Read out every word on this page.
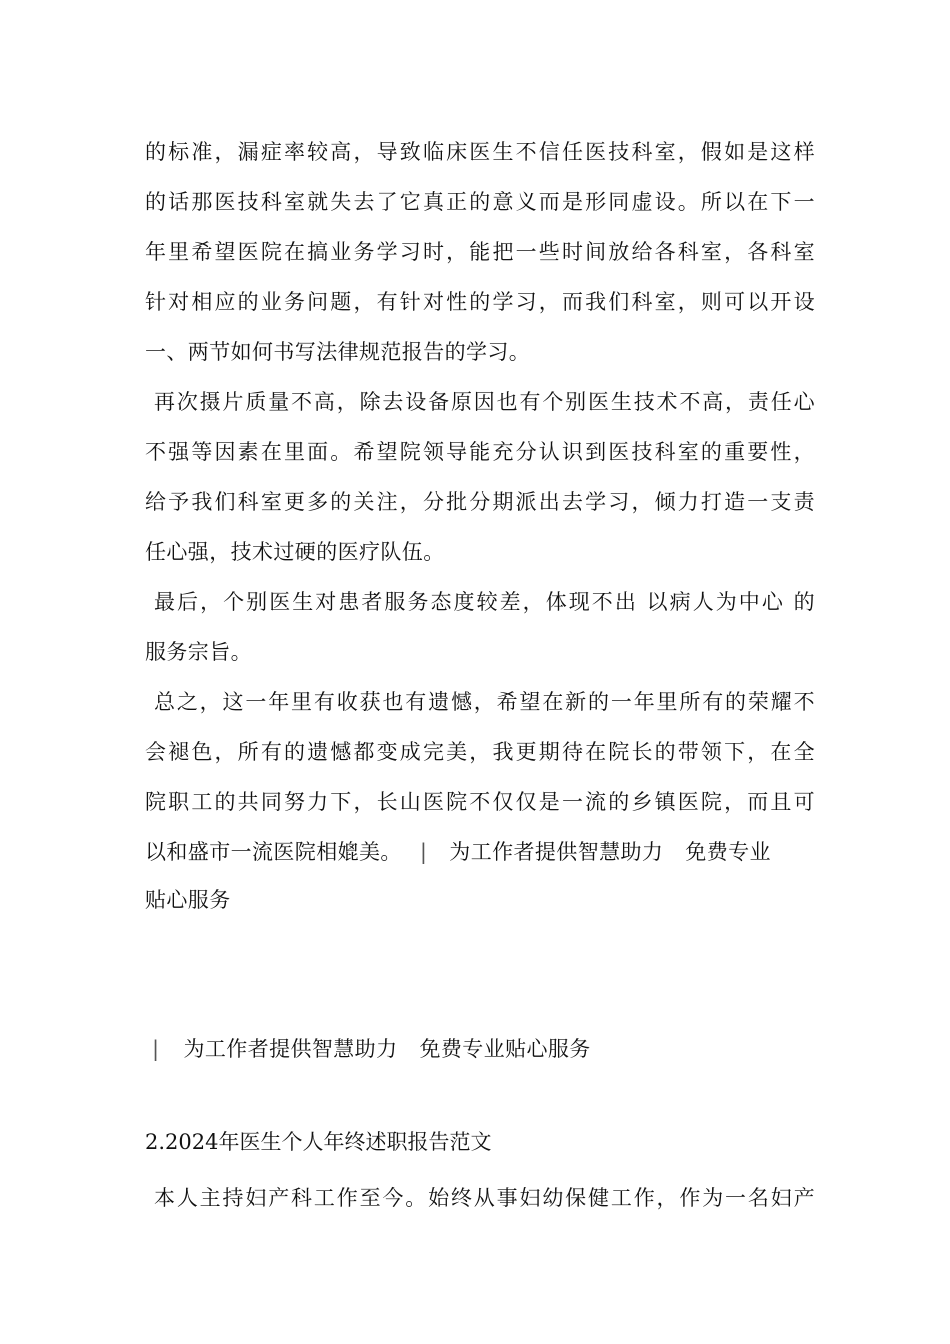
的标准，漏症率较高，导致临床医生不信任医技科室，假如是这样
的话那医技科室就失去了它真正的意义而是形同虚设。所以在下一
年里希望医院在搞业务学习时，能把一些时间放给各科室，各科室
针对相应的业务问题，有针对性的学习，而我们科室，则可以开设
一、两节如何书写法律规范报告的学习。
再次摄片质量不高，除去设备原因也有个别医生技术不高，责任心
不强等因素在里面。希望院领导能充分认识到医技科室的重要性，
给予我们科室更多的关注，分批分期派出去学习，倾力打造一支责
任心强，技术过硬的医疗队伍。
最后，个别医生对患者服务态度较差，体现不出 以病人为中心 的
服务宗旨。
总之，这一年里有收获也有遗憾，希望在新的一年里所有的荣耀不
会褪色，所有的遗憾都变成完美，我更期待在院长的带领下，在全
院职工的共同努力下，长山医院不仅仅是一流的乡镇医院，而且可
以和盛市一流医院相媲美。 | 为工作者提供智慧助力 免费专业
贴心服务
| 为工作者提供智慧助力 免费专业贴心服务
2.2024年医生个人年终述职报告范文
本人主持妇产科工作至今。始终从事妇幼保健工作，作为一名妇产
